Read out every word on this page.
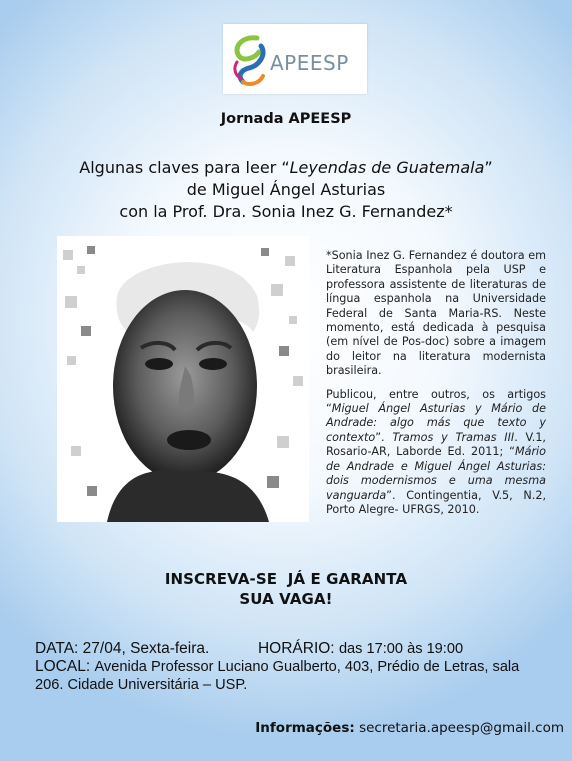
APEESP
Jornada APEESP
Algunas claves para leer “Leyendas de Guatemala”
de Miguel Ángel Asturias
con la Prof. Dra. Sonia Inez G. Fernandez*

*Sonia Inez G. Fernandez é doutora em Literatura Espanhola pela USP e professora assistente de literaturas de língua espanhola na Universidade Federal de Santa Maria-RS. Neste momento, está dedicada à pesquisa (em nível de Pos-doc) sobre a imagem do leitor na literatura modernista brasileira.

Publicou, entre outros, os artigos “Miguel Ángel Asturias y Mário de Andrade: algo más que texto y contexto”. Tramos y Tramas III. V.1, Rosario-AR, Laborde Ed. 2011; “Mário de Andrade e Miguel Ángel Asturias: dois modernismos e uma mesma vanguarda”. Contingentia, V.5, N.2, Porto Alegre- UFRGS, 2010.

INSCREVA-SE  JÁ E GARANTA
SUA VAGA!
DATA: 27/04, Sexta-feira.	HORÁRIO: das 17:00 às 19:00
LOCAL: Avenida Professor Luciano Gualberto, 403, Prédio de Letras, sala
206. Cidade Universitária – USP.
Informações: secretaria.apeesp@gmail.com
